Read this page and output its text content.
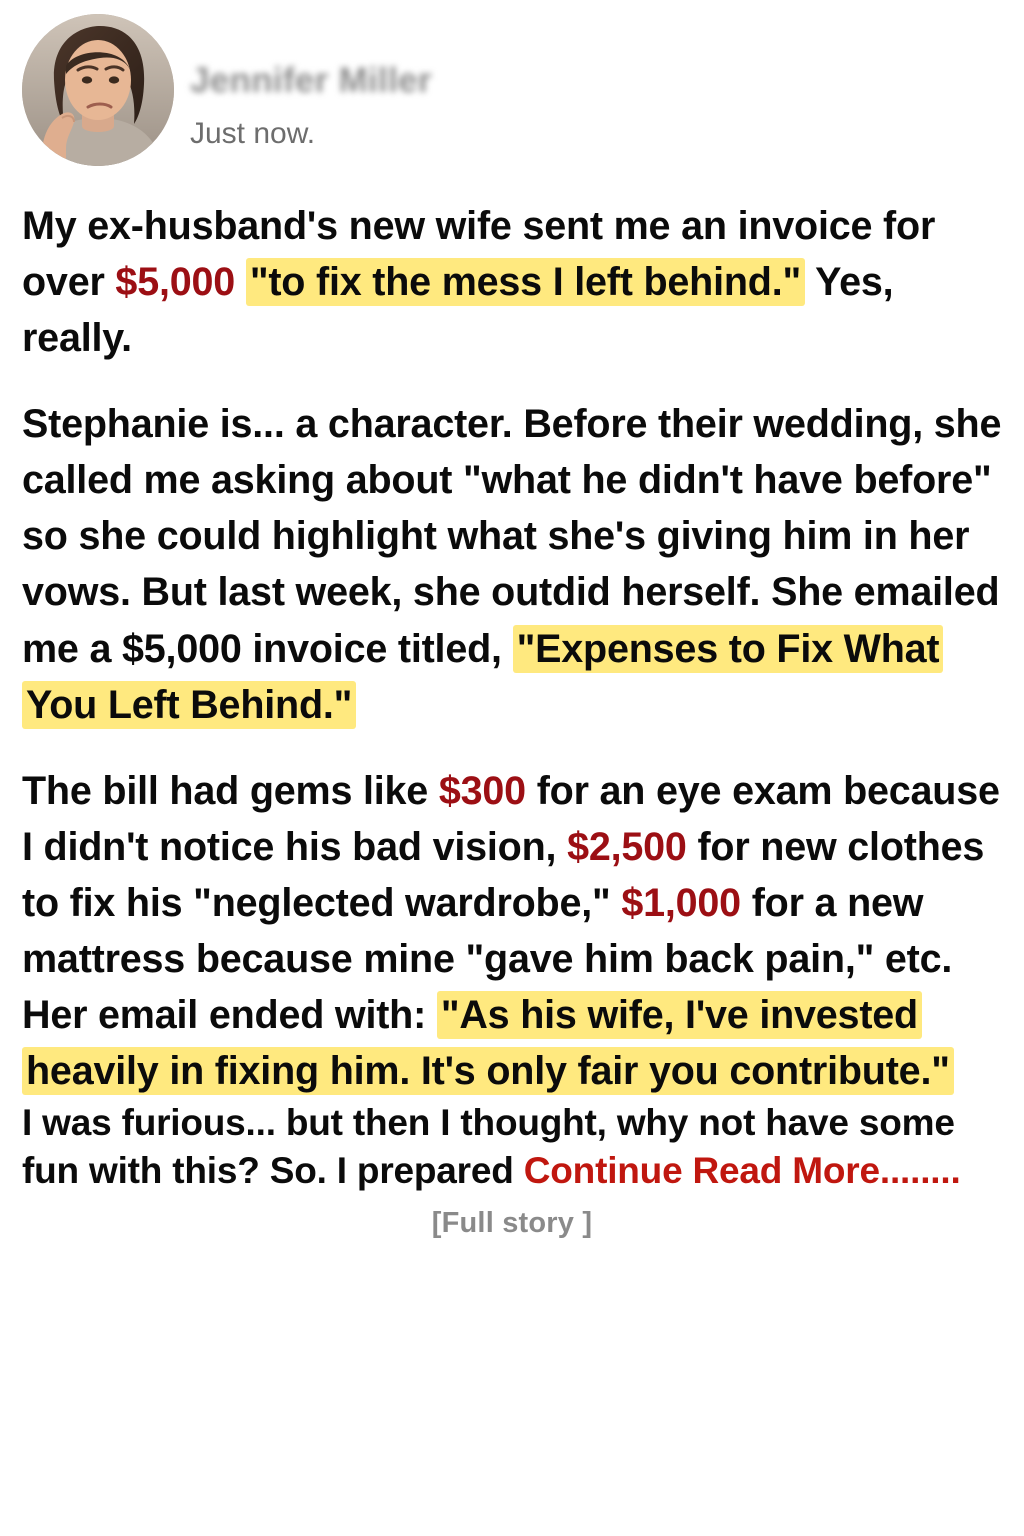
Jennifer Miller
Just now.

My ex-husband's new wife sent me an invoice for over $5,000 "to fix the mess I left behind." Yes, really.

Stephanie is... a character. Before their wedding, she called me asking about "what he didn't have before" so she could highlight what she's giving him in her vows. But last week, she outdid herself. She emailed me a $5,000 invoice titled, "Expenses to Fix What You Left Behind."

The bill had gems like $300 for an eye exam because I didn't notice his bad vision, $2,500 for new clothes to fix his "neglected wardrobe," $1,000 for a new mattress because mine "gave him back pain," etc.

Her email ended with: "As his wife, I've invested heavily in fixing him. It's only fair you contribute."

I was furious... but then I thought, why not have some fun with this? So. I prepared Continue Read More........

[Full story ]
